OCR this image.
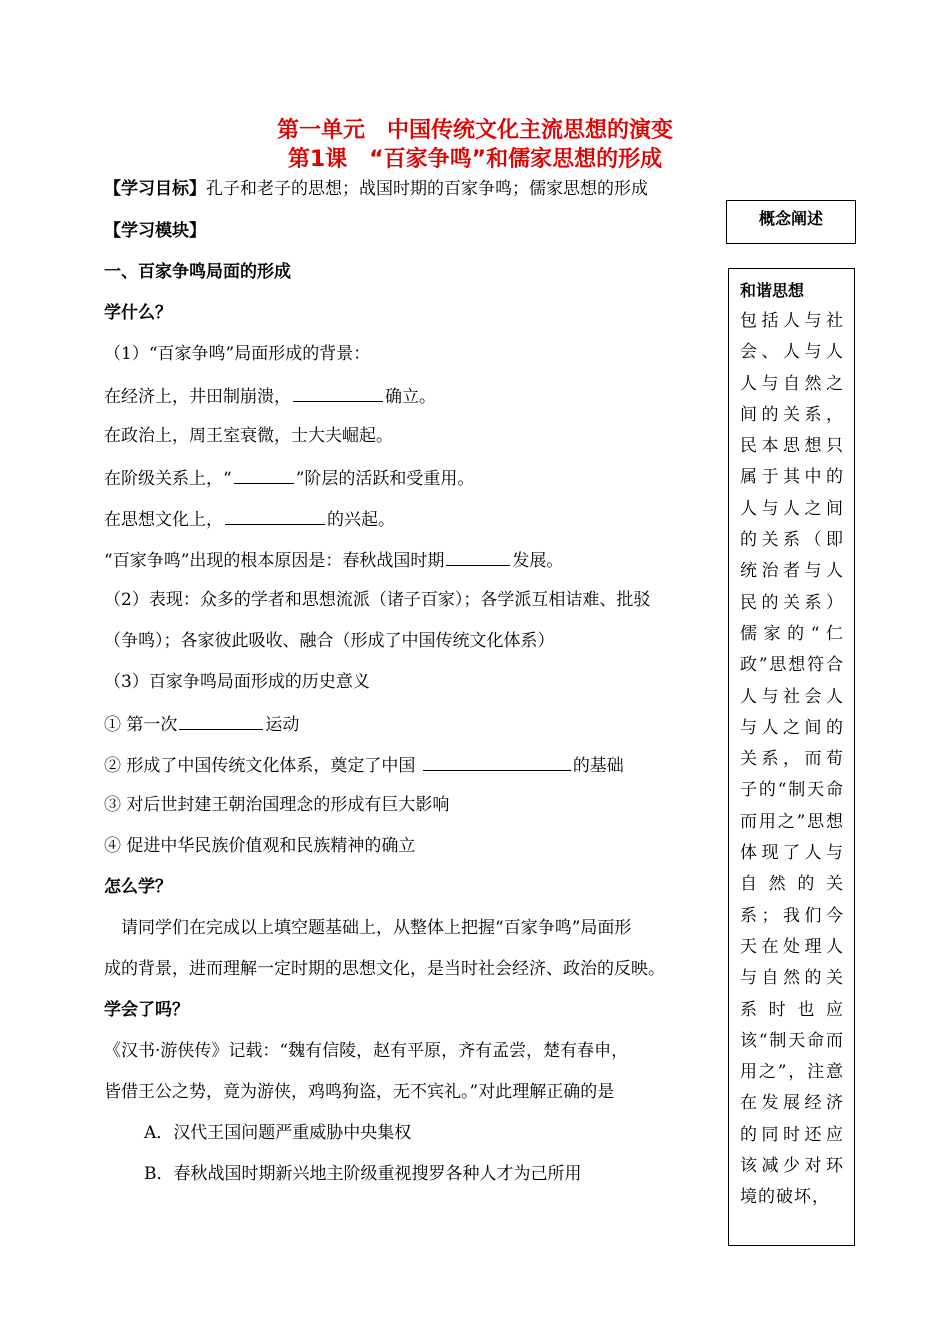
第一单元　中国传统文化主流思想的演变
第1课　“百家争鸣”和儒家思想的形成
【学习目标】孔子和老子的思想；战国时期的百家争鸣；儒家思想的形成
概念阐述
【学习模块】
一、百家争鸣局面的形成
学什么？
（1）“百家争鸣”局面形成的背景：
在经济上，井田制崩溃，	确立。
在政治上，周王室衰微，士大夫崛起。
在阶级关系上，“	”阶层的活跃和受重用。
在思想文化上，	的兴起。
“百家争鸣”出现的根本原因是：春秋战国时期	发展。
（2）表现：众多的学者和思想流派（诸子百家）；各学派互相诘难、批驳
（争鸣）；各家彼此吸收、融合（形成了中国传统文化体系）
（3）百家争鸣局面形成的历史意义
① 第一次	运动
② 形成了中国传统文化体系，奠定了中国	的基础
③ 对后世封建王朝治国理念的形成有巨大影响
④ 促进中华民族价值观和民族精神的确立
怎么学？
　请同学们在完成以上填空题基础上，从整体上把握“百家争鸣”局面形
成的背景，进而理解一定时期的思想文化，是当时社会经济、政治的反映。
学会了吗？
《汉书·游侠传》记载：“魏有信陵，赵有平原，齐有孟尝，楚有春申，
皆借王公之势，竟为游侠，鸡鸣狗盗，无不宾礼。”对此理解正确的是
A．汉代王国问题严重威胁中央集权
B．春秋战国时期新兴地主阶级重视搜罗各种人才为己所用
和谐思想
包括人与社会、人与人人与自然之间的关系，民本思想只属于其中的人与人之间的关系（即统治者与人民的关系）儒家的“仁政”思想符合人与社会人与人之间的关系，而荀子的“制天命而用之”思想体现了人与自然的关系；我们今天在处理人与自然的关系时也应该“制天命而用之”，注意在发展经济的同时还应该减少对环境的破坏，
